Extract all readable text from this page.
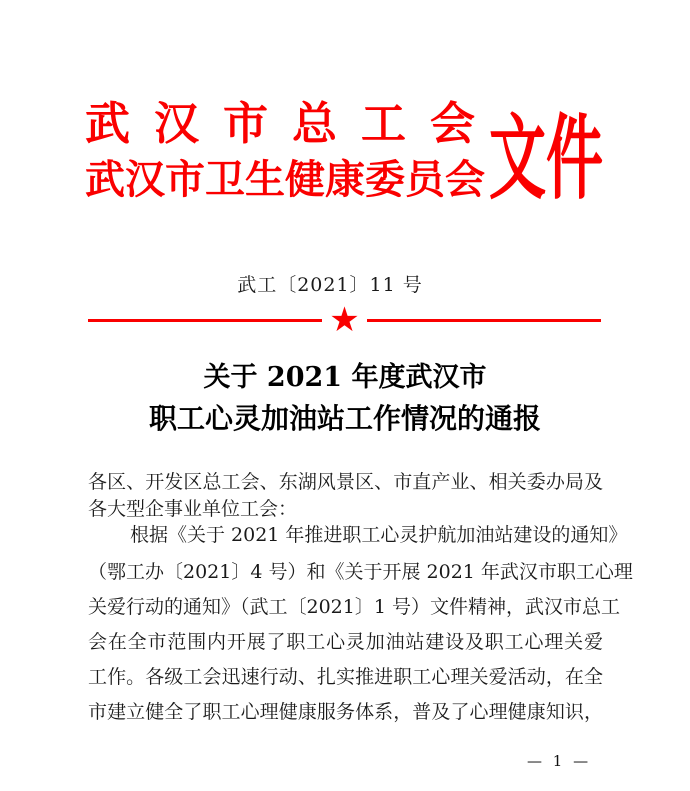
武汉市总工会
武汉市卫生健康委员会 文件
武工〔2021〕11 号
★
关于 2021 年度武汉市
职工心灵加油站工作情况的通报

各区、开发区总工会、东湖风景区、市直产业、相关委办局及

各大型企事业单位工会：

根据《关于 2021 年推进职工心灵护航加油站建设的通知》

（鄂工办〔2021〕4 号）和《关于开展 2021 年武汉市职工心理

关爱行动的通知》（武工〔2021〕1 号）文件精神，武汉市总工

会在全市范围内开展了职工心灵加油站建设及职工心理关爱

工作。各级工会迅速行动、扎实推进职工心理关爱活动，在全

市建立健全了职工心理健康服务体系，普及了心理健康知识，

— 1 —
